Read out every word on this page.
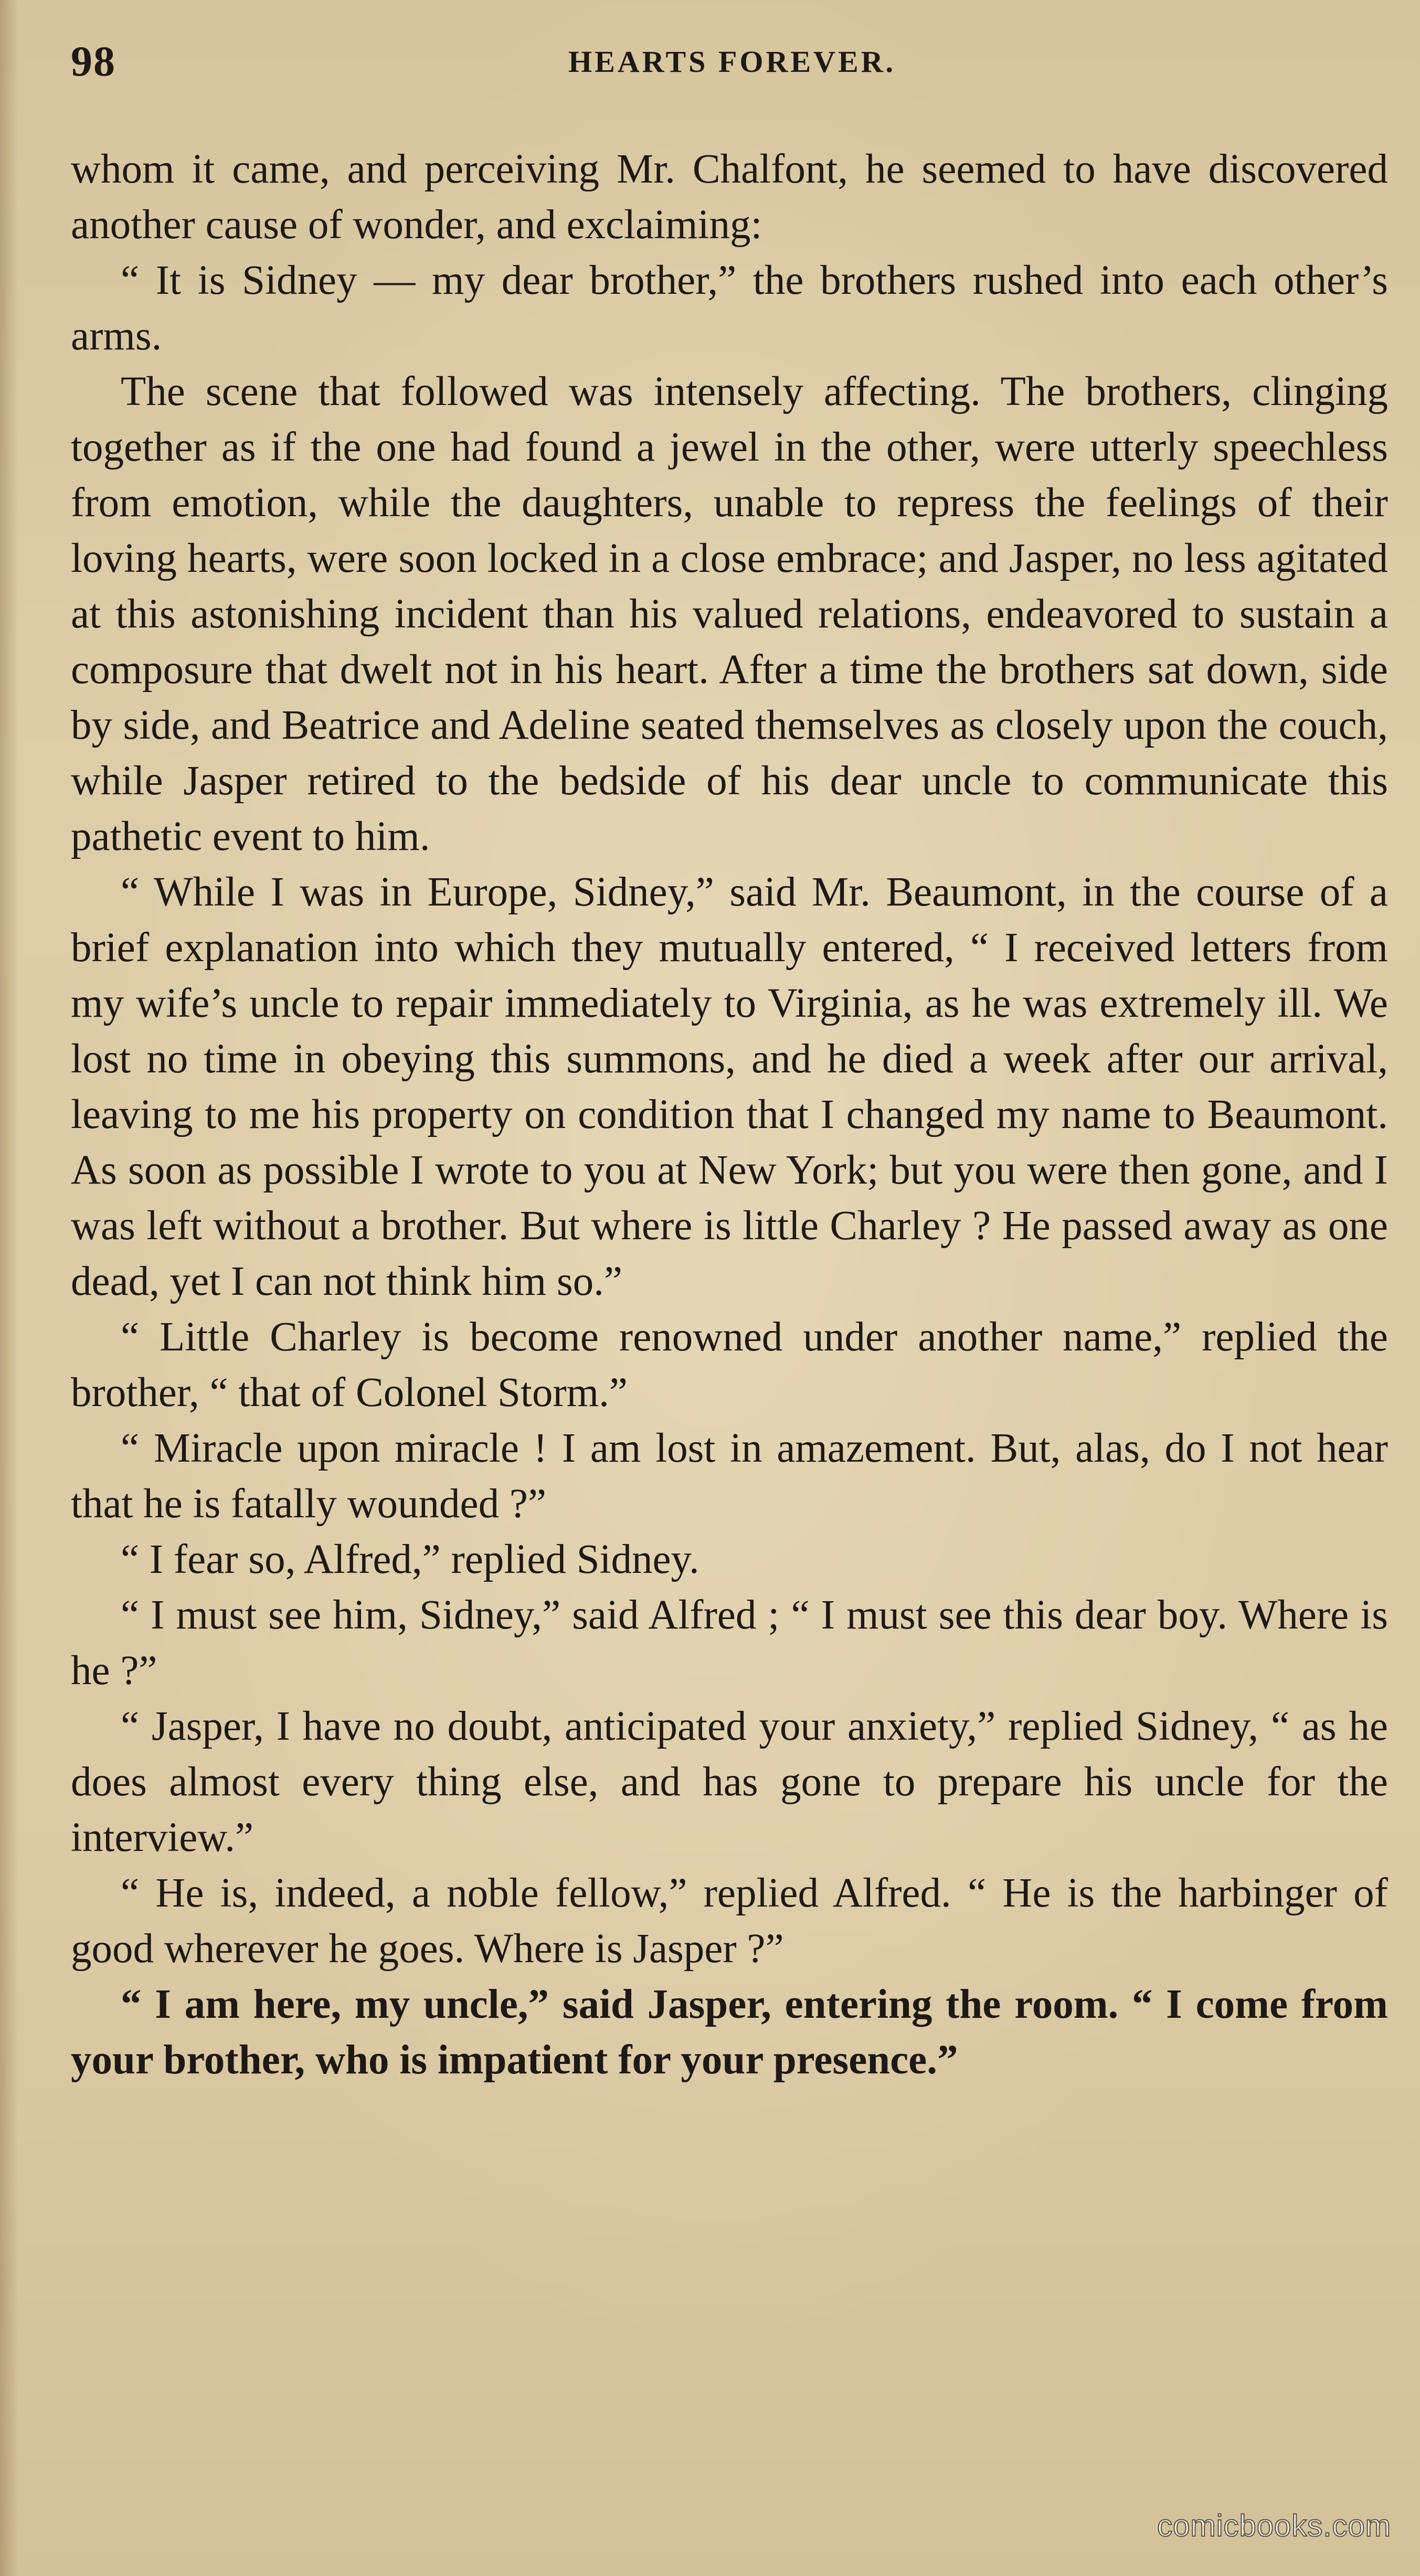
98	HEARTS FOREVER.

whom it came, and perceiving Mr. Chalfont, he seemed to have discovered another cause of wonder, and exclaiming:

“ It is Sidney — my dear brother,” the brothers rushed into each other’s arms.

The scene that followed was intensely affecting. The brothers, clinging together as if the one had found a jewel in the other, were utterly speechless from emotion, while the daughters, unable to repress the feelings of their loving hearts, were soon locked in a close embrace; and Jasper, no less agitated at this astonishing incident than his valued relations, endeavored to sustain a composure that dwelt not in his heart. After a time the brothers sat down, side by side, and Beatrice and Adeline seated themselves as closely upon the couch, while Jasper retired to the bedside of his dear uncle to communicate this pathetic event to him.

“ While I was in Europe, Sidney,” said Mr. Beaumont, in the course of a brief explanation into which they mutually entered, “ I received letters from my wife’s uncle to repair immediately to Virginia, as he was extremely ill. We lost no time in obeying this summons, and he died a week after our arrival, leaving to me his property on condition that I changed my name to Beaumont. As soon as possible I wrote to you at New York; but you were then gone, and I was left without a brother. But where is little Charley ? He passed away as one dead, yet I can not think him so.”

“ Little Charley is become renowned under another name,” replied the brother, “ that of Colonel Storm.”

“ Miracle upon miracle ! I am lost in amazement. But, alas, do I not hear that he is fatally wounded ?”

“ I fear so, Alfred,” replied Sidney.

“ I must see him, Sidney,” said Alfred ; “ I must see this dear boy. Where is he ?”

“ Jasper, I have no doubt, anticipated your anxiety,” replied Sidney, “ as he does almost every thing else, and has gone to prepare his uncle for the interview.”

“ He is, indeed, a noble fellow,” replied Alfred. “ He is the harbinger of good wherever he goes. Where is Jasper ?”

“ I am here, my uncle,” said Jasper, entering the room. “ I come from your brother, who is impatient for your presence.”

comicbooks.com
